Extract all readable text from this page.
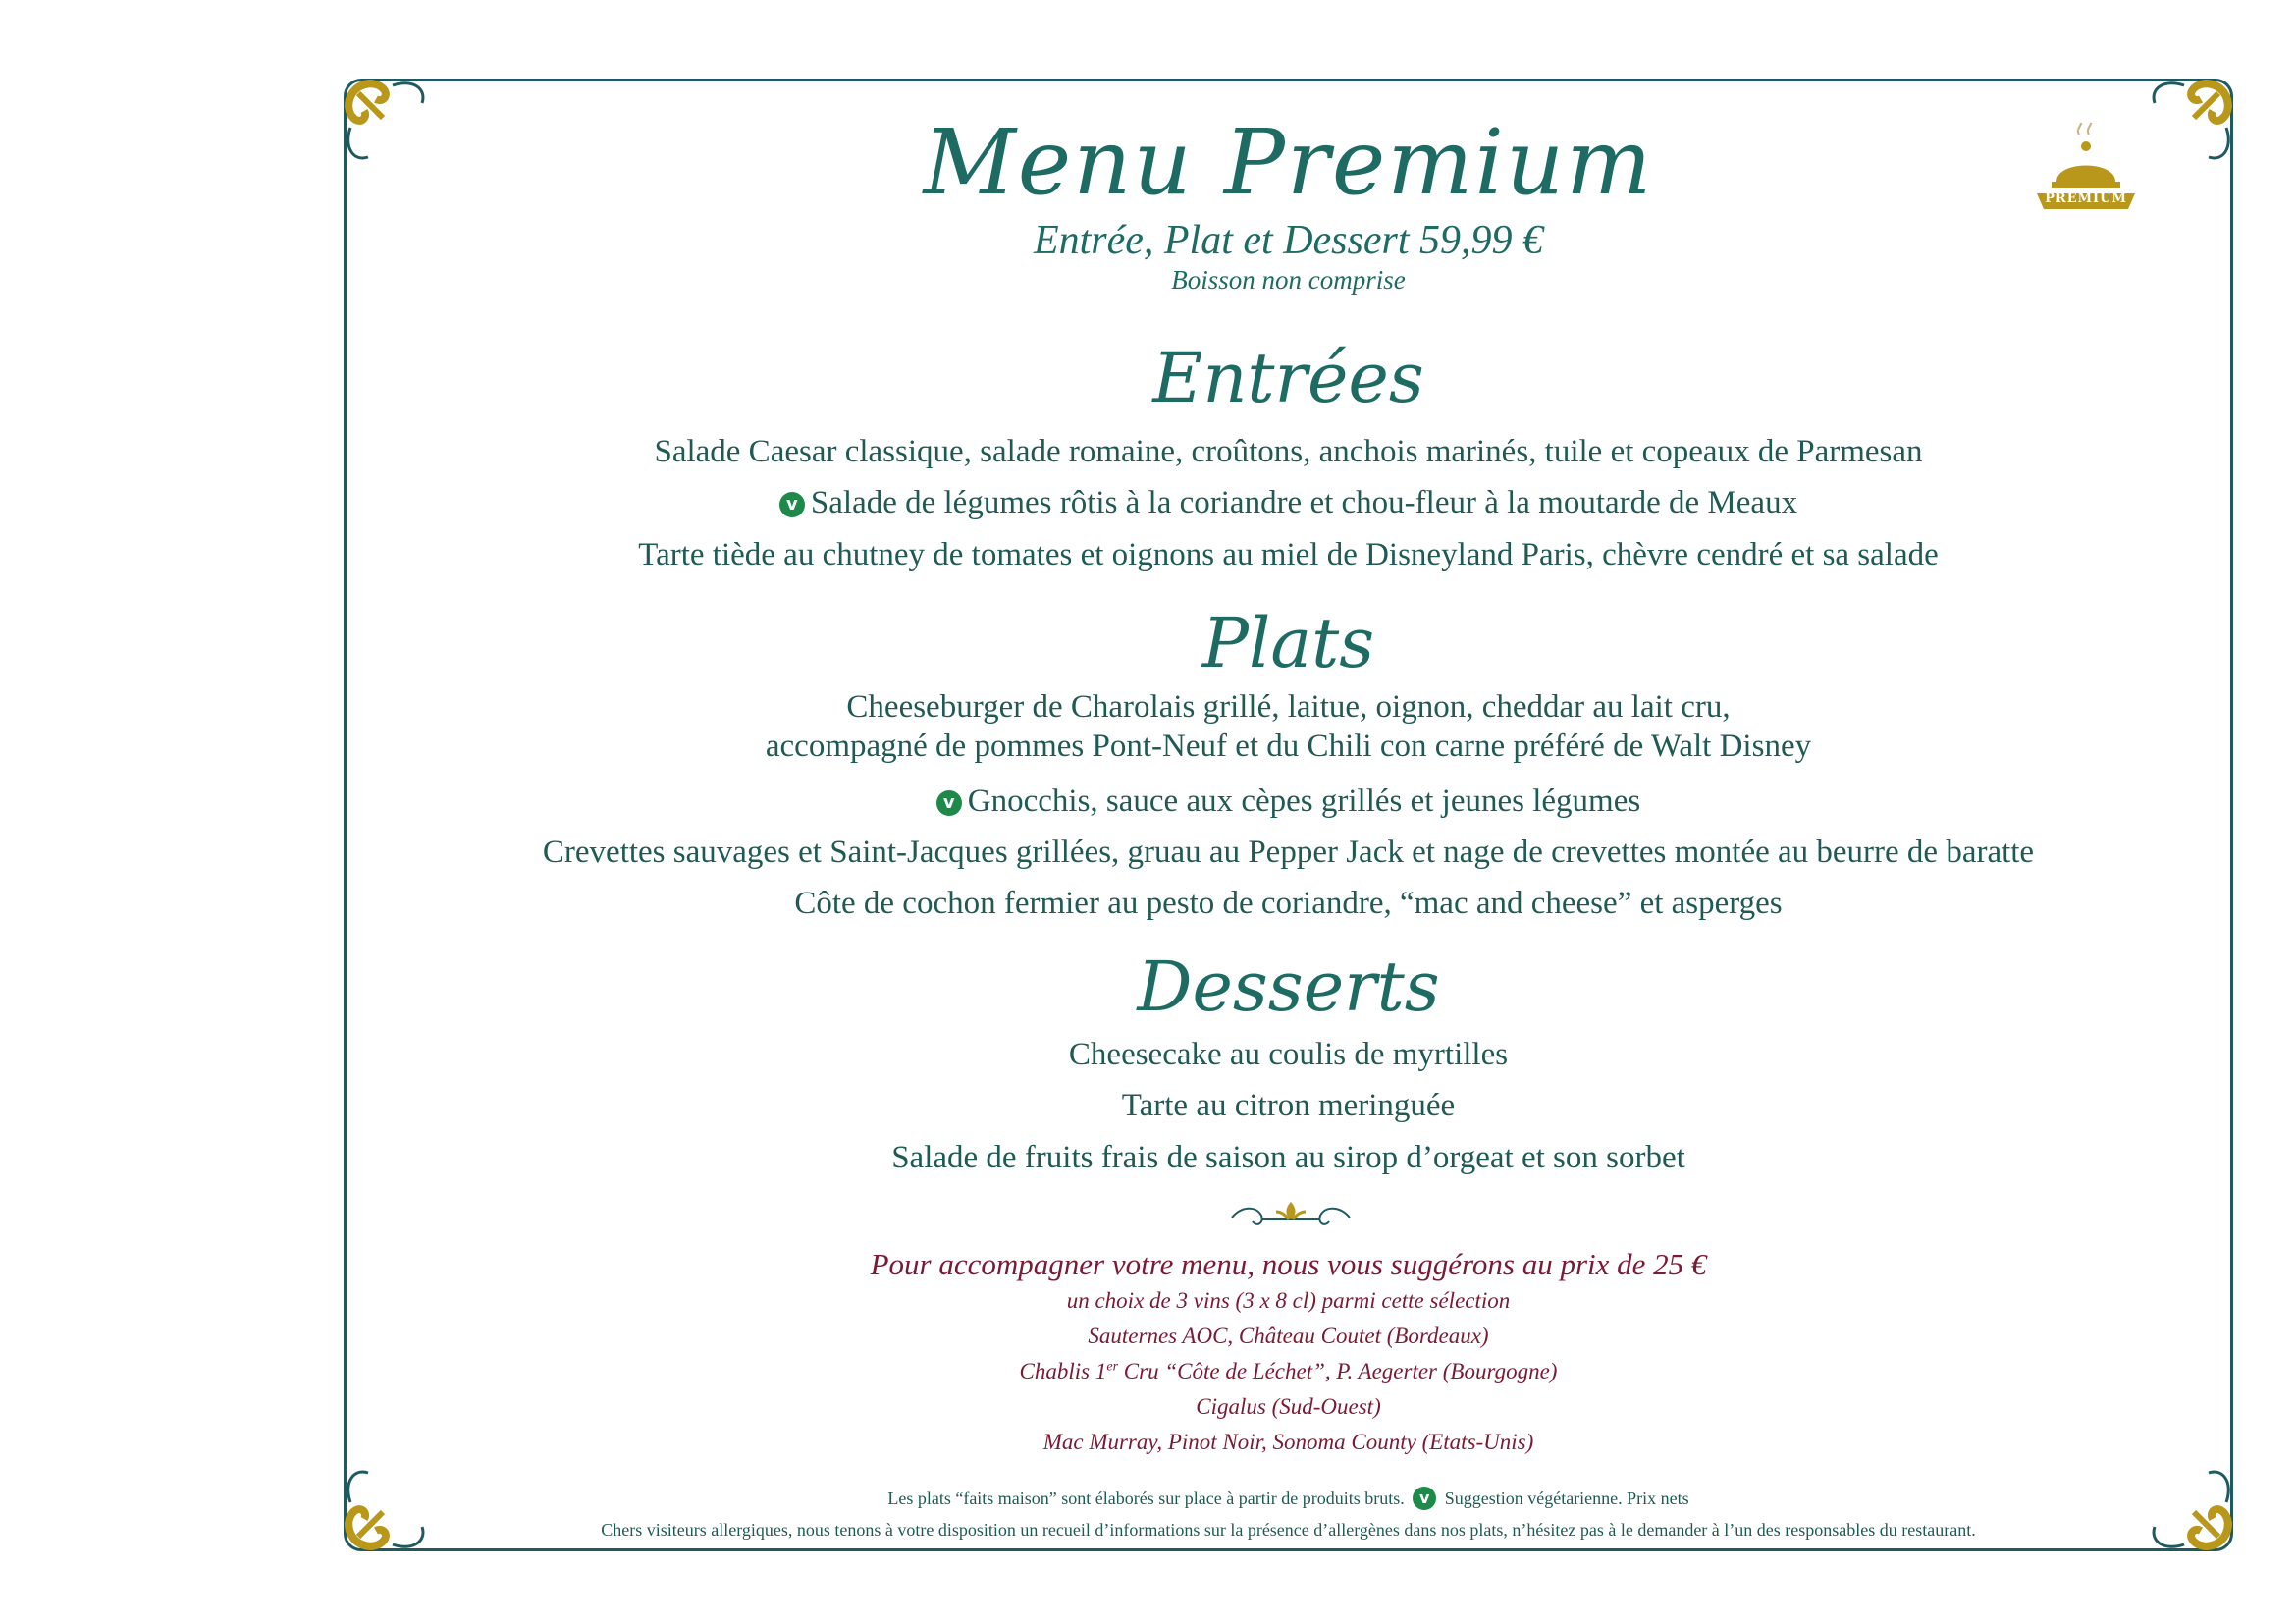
PREMIUM
Menu Premium
Entrée, Plat et Dessert 59,99 €
Boisson non comprise
Entrées
Salade Caesar classique, salade romaine, croûtons, anchois marinés, tuile et copeaux de Parmesan
v Salade de légumes rôtis à la coriandre et chou-fleur à la moutarde de Meaux
Tarte tiède au chutney de tomates et oignons au miel de Disneyland Paris, chèvre cendré et sa salade
Plats
Cheeseburger de Charolais grillé, laitue, oignon, cheddar au lait cru,
accompagné de pommes Pont-Neuf et du Chili con carne préféré de Walt Disney
v Gnocchis, sauce aux cèpes grillés et jeunes légumes
Crevettes sauvages et Saint-Jacques grillées, gruau au Pepper Jack et nage de crevettes montée au beurre de baratte
Côte de cochon fermier au pesto de coriandre, “mac and cheese” et asperges
Desserts
Cheesecake au coulis de myrtilles
Tarte au citron meringuée
Salade de fruits frais de saison au sirop d’orgeat et son sorbet
Pour accompagner votre menu, nous vous suggérons au prix de 25 €
un choix de 3 vins (3 x 8 cl) parmi cette sélection
Sauternes AOC, Château Coutet (Bordeaux)
Chablis 1er Cru “Côte de Léchet”, P. Aegerter (Bourgogne)
Cigalus (Sud-Ouest)
Mac Murray, Pinot Noir, Sonoma County (Etats-Unis)
Les plats “faits maison” sont élaborés sur place à partir de produits bruts. v Suggestion végétarienne. Prix nets
Chers visiteurs allergiques, nous tenons à votre disposition un recueil d’informations sur la présence d’allergènes dans nos plats, n’hésitez pas à le demander à l’un des responsables du restaurant.
